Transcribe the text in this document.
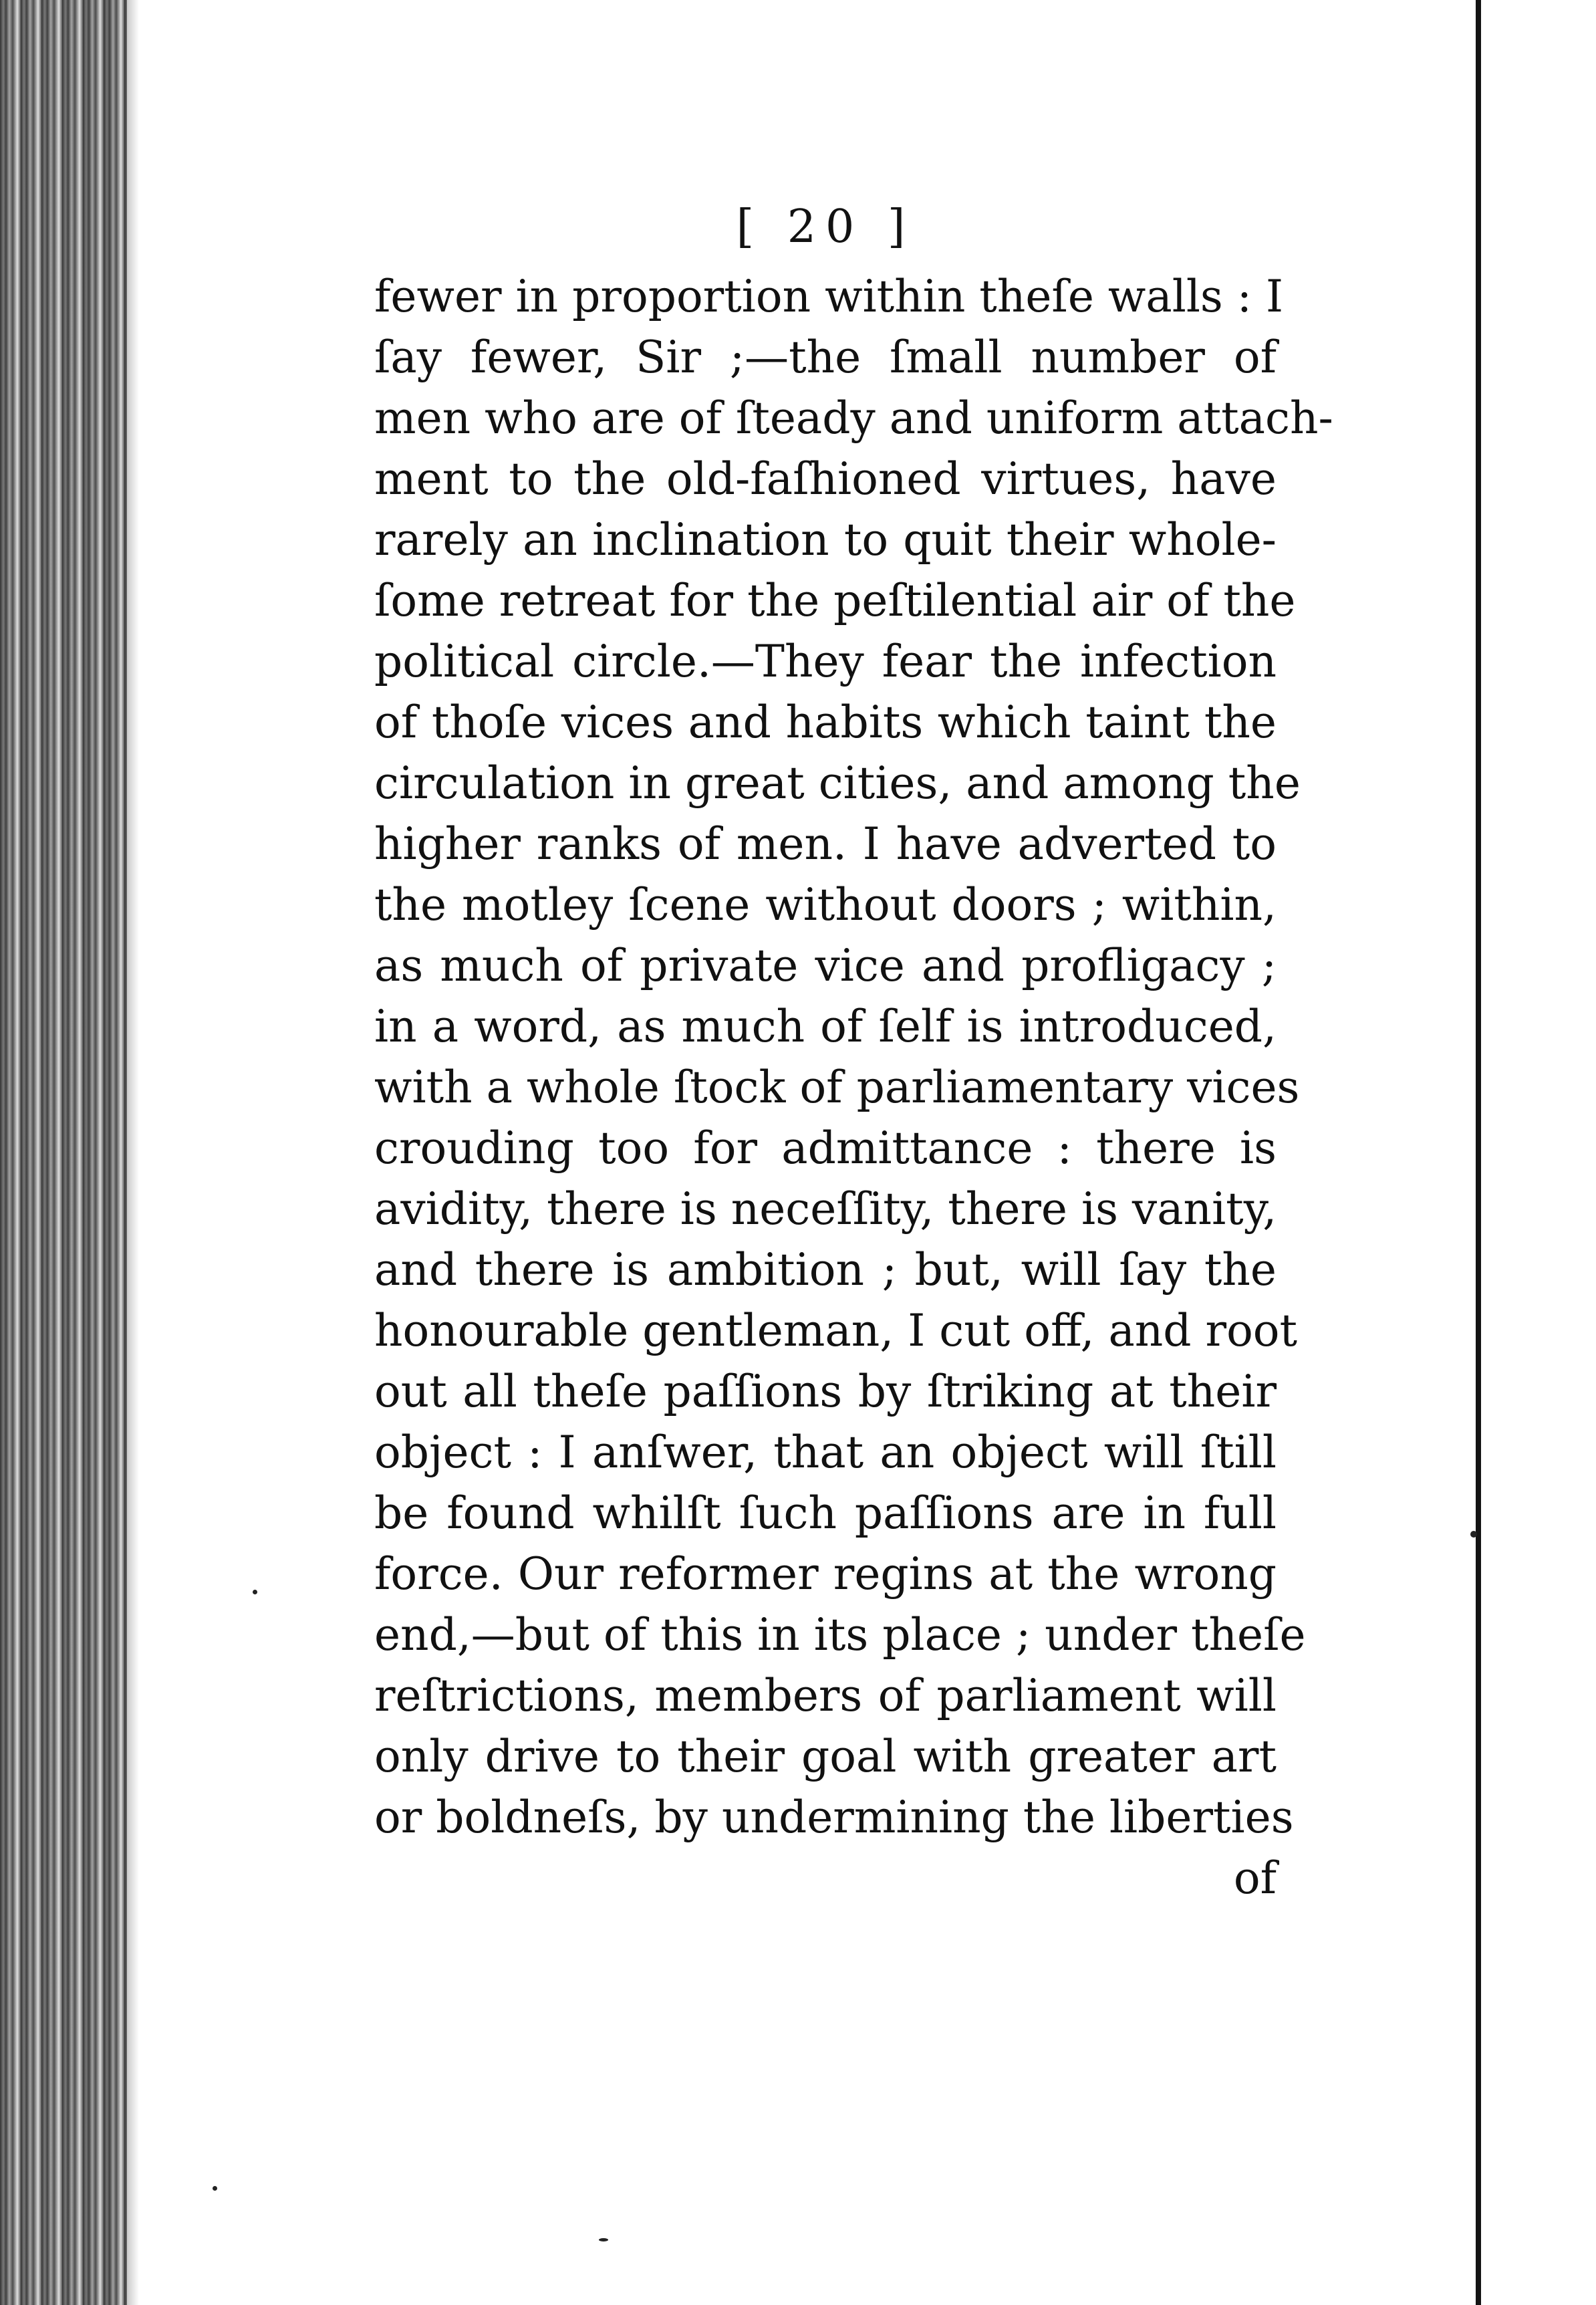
[ 20 ]
fewer in proportion within theſe walls : I
ſay fewer, Sir ;—the ſmall number of
men who are of ſteady and uniform attach-
ment to the old-faſhioned virtues, have
rarely an inclination to quit their whole-
ſome retreat for the peſtilential air of the
political circle.—They fear the infection
of thoſe vices and habits which taint the
circulation in great cities, and among the
higher ranks of men. I have adverted to
the motley ſcene without doors ; within,
as much of private vice and profligacy ;
in a word, as much of ſelf is introduced,
with a whole ſtock of parliamentary vices
crouding too for admittance : there is
avidity, there is neceſſity, there is vanity,
and there is ambition ; but, will ſay the
honourable gentleman, I cut off, and root
out all theſe paſſions by ſtriking at their
object : I anſwer, that an object will ſtill
be found whilſt ſuch paſſions are in full
force. Our reformer regins at the wrong
end,—but of this in its place ; under theſe
reſtrictions, members of parliament will
only drive to their goal with greater art
or boldneſs, by undermining the liberties
of
